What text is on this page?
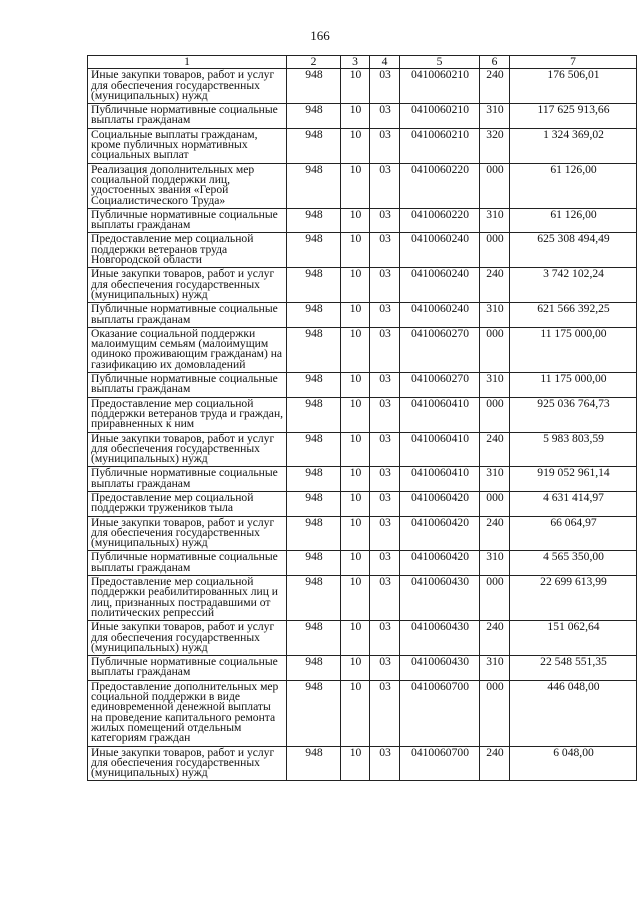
166
1	2	3	4	5	6	7
Иные закупки товаров, работ и услуг для обеспечения государственных (муниципальных) нужд	948	10	03	0410060210	240	176 506,01
Публичные нормативные социальные выплаты гражданам	948	10	03	0410060210	310	117 625 913,66
Социальные выплаты гражданам, кроме публичных нормативных социальных выплат	948	10	03	0410060210	320	1 324 369,02
Реализация дополнительных мер социальной поддержки лиц, удостоенных звания «Герой Социалистического Труда»	948	10	03	0410060220	000	61 126,00
Публичные нормативные социальные выплаты гражданам	948	10	03	0410060220	310	61 126,00
Предоставление мер социальной поддержки ветеранов труда Новгородской области	948	10	03	0410060240	000	625 308 494,49
Иные закупки товаров, работ и услуг для обеспечения государственных (муниципальных) нужд	948	10	03	0410060240	240	3 742 102,24
Публичные нормативные социальные выплаты гражданам	948	10	03	0410060240	310	621 566 392,25
Оказание социальной поддержки малоимущим семьям (малоимущим одиноко проживающим гражданам) на газификацию их домовладений	948	10	03	0410060270	000	11 175 000,00
Публичные нормативные социальные выплаты гражданам	948	10	03	0410060270	310	11 175 000,00
Предоставление мер социальной поддержки ветеранов труда и граждан, приравненных к ним	948	10	03	0410060410	000	925 036 764,73
Иные закупки товаров, работ и услуг для обеспечения государственных (муниципальных) нужд	948	10	03	0410060410	240	5 983 803,59
Публичные нормативные социальные выплаты гражданам	948	10	03	0410060410	310	919 052 961,14
Предоставление мер социальной поддержки тружеников тыла	948	10	03	0410060420	000	4 631 414,97
Иные закупки товаров, работ и услуг для обеспечения государственных (муниципальных) нужд	948	10	03	0410060420	240	66 064,97
Публичные нормативные социальные выплаты гражданам	948	10	03	0410060420	310	4 565 350,00
Предоставление мер социальной поддержки реабилитированных лиц и лиц, признанных пострадавшими от политических репрессий	948	10	03	0410060430	000	22 699 613,99
Иные закупки товаров, работ и услуг для обеспечения государственных (муниципальных) нужд	948	10	03	0410060430	240	151 062,64
Публичные нормативные социальные выплаты гражданам	948	10	03	0410060430	310	22 548 551,35
Предоставление дополнительных мер социальной поддержки в виде единовременной денежной выплаты на проведение капитального ремонта жилых помещений отдельным категориям граждан	948	10	03	0410060700	000	446 048,00
Иные закупки товаров, работ и услуг для обеспечения государственных (муниципальных) нужд	948	10	03	0410060700	240	6 048,00
